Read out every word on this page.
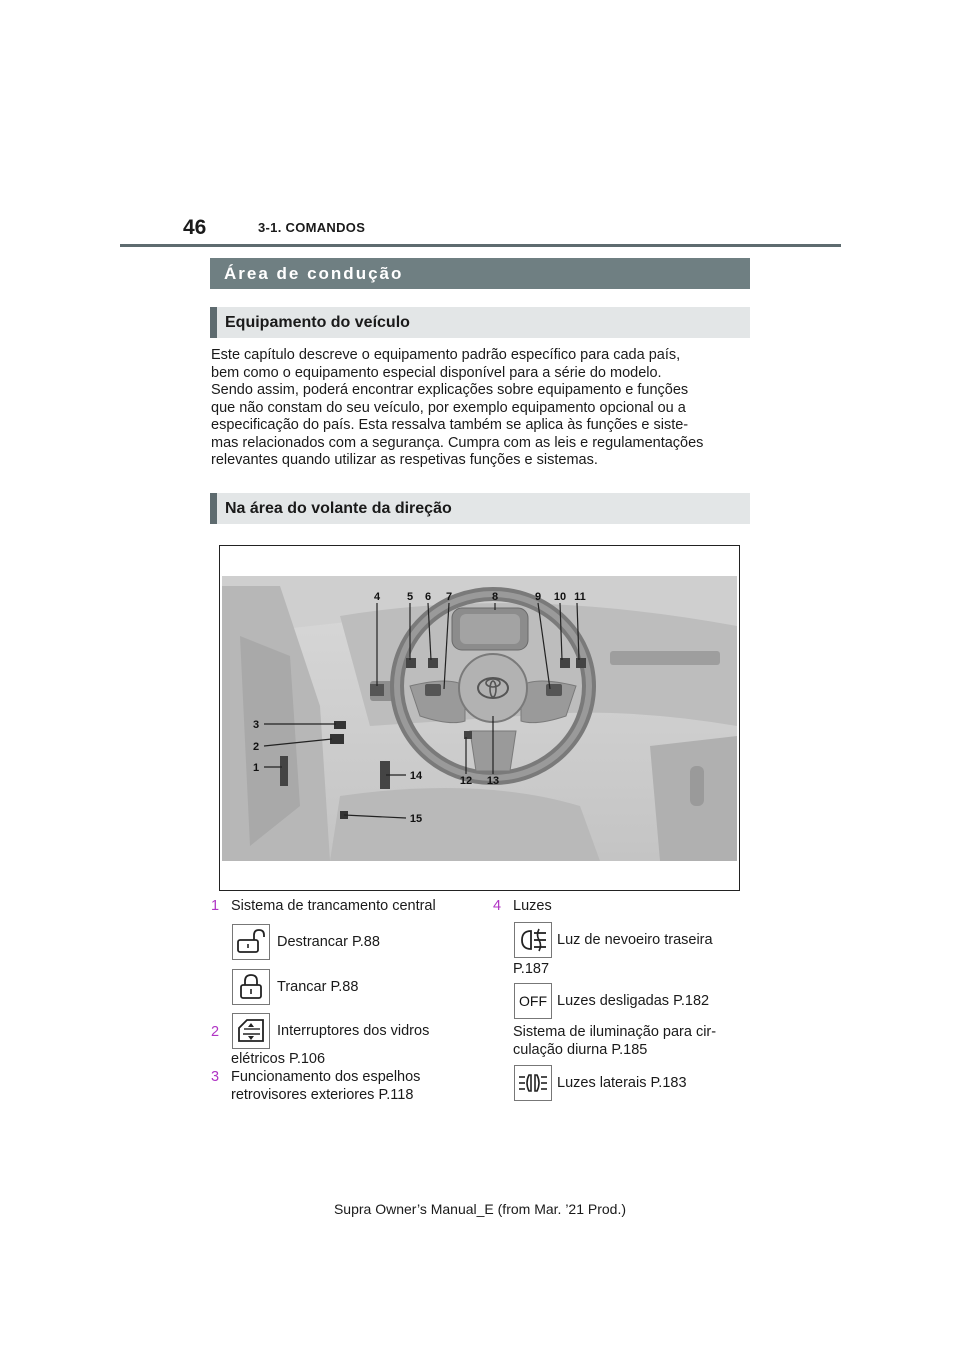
46	3-1. COMANDOS
Área de condução
Equipamento do veículo

Este capítulo descreve o equipamento padrão específico para cada país,
bem como o equipamento especial disponível para a série do modelo.
Sendo assim, poderá encontrar explicações sobre equipamento e funções
que não constam do seu veículo, por exemplo equipamento opcional ou a
especificação do país. Esta ressalva também se aplica às funções e siste-
mas relacionados com a segurança. Cumpra com as leis e regulamentações
relevantes quando utilizar as respetivas funções e sistemas.

Na área do volante da direção
4 5 6 7	8	9 10 11
3
2
1
12 13
14
15
1 Sistema de trancamento central
Destrancar P.88
Trancar P.88
2	Interruptores dos vidros
elétricos P.106
3 Funcionamento dos espelhos
retrovisores exteriores P.118
4 Luzes
Luz de nevoeiro traseira
P.187
OFF Luzes desligadas P.182
Sistema de iluminação para cir-
culação diurna P.185
Luzes laterais P.183
Supra Owner’s Manual_E (from Mar. ’21 Prod.)
